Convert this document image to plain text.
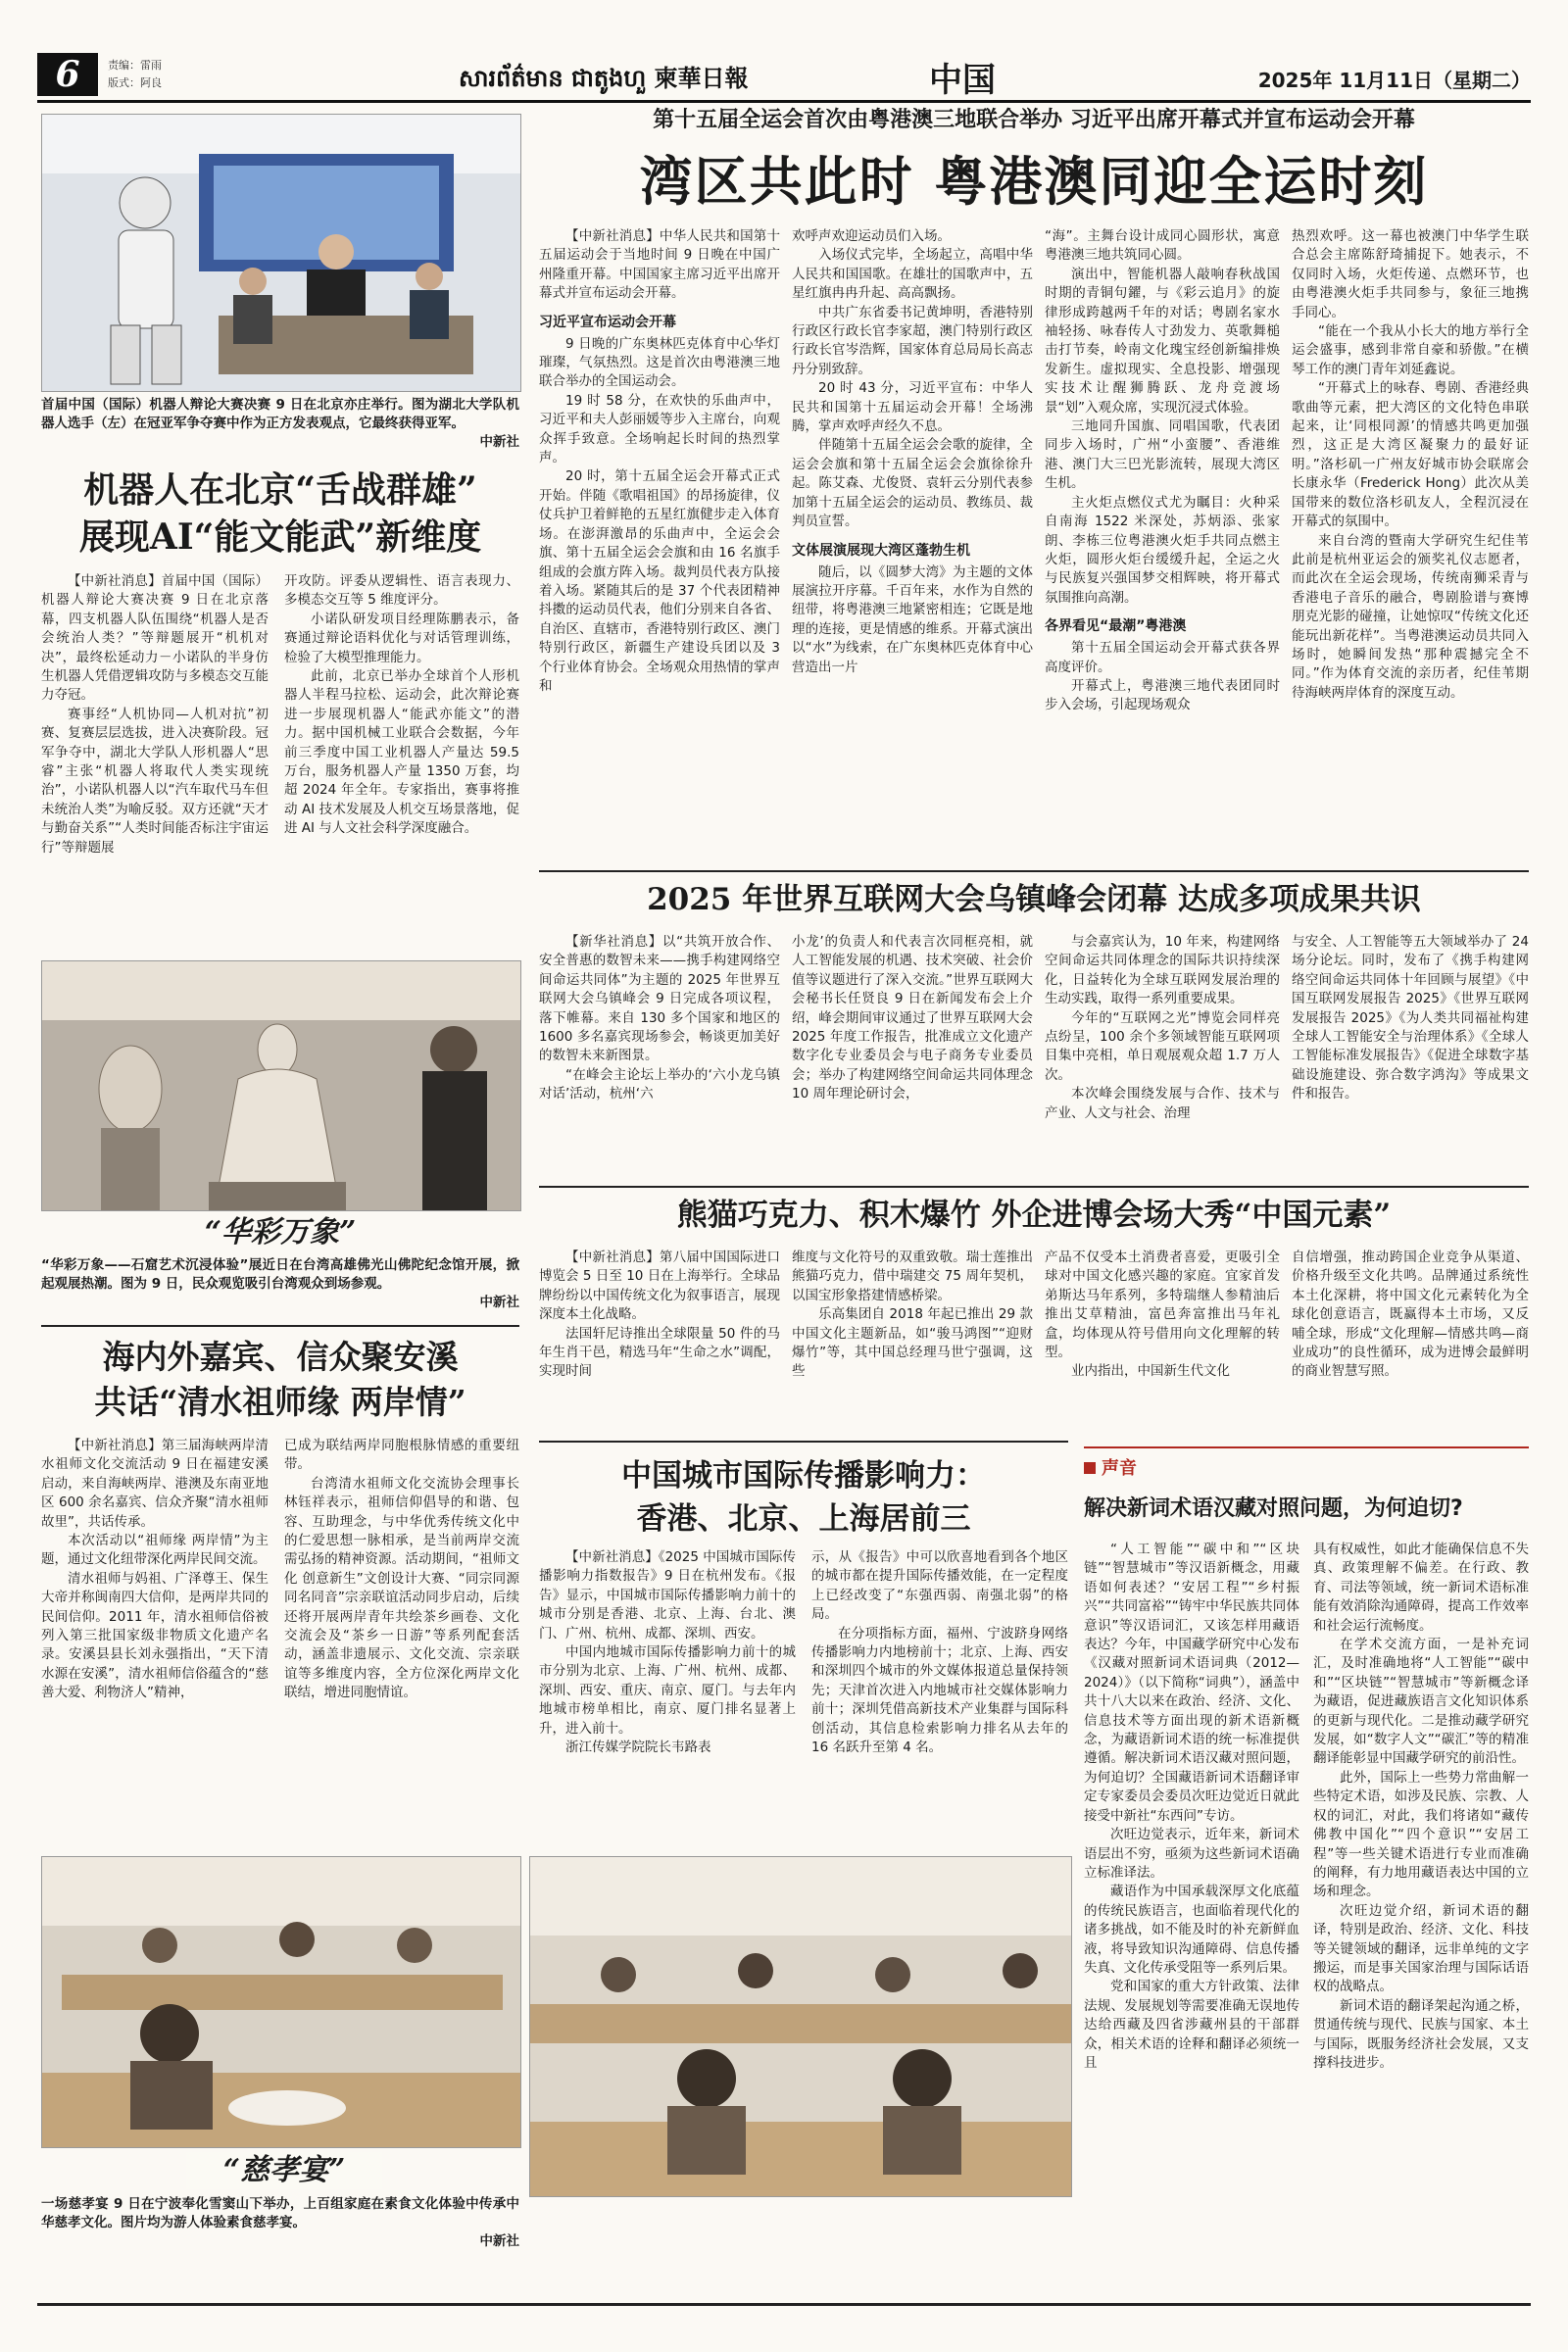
6	责编：雷雨
版式：阿良	សារព័ត៌មាន ជាតូងហួ 柬華日報	中国	2025年 11月11日（星期二）
首届中国（国际）机器人辩论大赛决赛 9 日在北京亦庄举行。图为湖北大学队机器人选手（左）在冠亚军争夺赛中作为正方发表观点，它最终获得亚军。
中新社
机器人在北京“舌战群雄”
展现AI“能文能武”新维度

【中新社消息】首届中国（国际）机器人辩论大赛决赛 9 日在北京落幕，四支机器人队伍围绕“机器人是否会统治人类？”等辩题展开“机机对决”，最终松延动力－小诺队的半身仿生机器人凭借逻辑攻防与多模态交互能力夺冠。

赛事经“人机协同—人机对抗”初赛、复赛层层选拔，进入决赛阶段。冠军争夺中，湖北大学队人形机器人“思睿”主张“机器人将取代人类实现统治”，小诺队机器人以“汽车取代马车但未统治人类”为喻反驳。双方还就“天才与勤奋关系”“人类时间能否标注宇宙运行”等辩题展

开攻防。评委从逻辑性、语言表现力、多模态交互等 5 维度评分。

小诺队研发项目经理陈鹏表示，备赛通过辩论语料优化与对话管理训练，检验了大模型推理能力。

此前，北京已举办全球首个人形机器人半程马拉松、运动会，此次辩论赛进一步展现机器人“能武亦能文”的潜力。据中国机械工业联合会数据，今年前三季度中国工业机器人产量达 59.5 万台，服务机器人产量 1350 万套，均超 2024 年全年。专家指出，赛事将推动 AI 技术发展及人机交互场景落地，促进 AI 与人文社会科学深度融合。

“华彩万象”
“华彩万象——石窟艺术沉浸体验”展近日在台湾高雄佛光山佛陀纪念馆开展，掀起观展热潮。图为 9 日，民众观览吸引台湾观众到场参观。
中新社
海内外嘉宾、信众聚安溪
共话“清水祖师缘 两岸情”

【中新社消息】第三届海峡两岸清水祖师文化交流活动 9 日在福建安溪启动，来自海峡两岸、港澳及东南亚地区 600 余名嘉宾、信众齐聚“清水祖师故里”，共话传承。

本次活动以“祖师缘 两岸情”为主题，通过文化纽带深化两岸民间交流。

清水祖师与妈祖、广泽尊王、保生大帝并称闽南四大信仰，是两岸共同的民间信仰。2011 年，清水祖师信俗被列入第三批国家级非物质文化遗产名录。安溪县县长刘永强指出，“天下清水源在安溪”，清水祖师信俗蕴含的“慈善大爱、利物济人”精神，

已成为联结两岸同胞根脉情感的重要纽带。

台湾清水祖师文化交流协会理事长林钰祥表示，祖师信仰倡导的和谐、包容、互助理念，与中华优秀传统文化中的仁爱思想一脉相承，是当前两岸交流需弘扬的精神资源。活动期间，“祖师文化 创意新生”文创设计大赛、“同宗同源 同名同音”宗亲联谊活动同步启动，后续还将开展两岸青年共绘茶乡画卷、文化交流会及“茶乡一日游”等系列配套活动，涵盖非遗展示、文化交流、宗亲联谊等多维度内容，全方位深化两岸文化联结，增进同胞情谊。

第十五届全运会首次由粤港澳三地联合举办 习近平出席开幕式并宣布运动会开幕
湾区共此时 粤港澳同迎全运时刻

【中新社消息】中华人民共和国第十五届运动会于当地时间 9 日晚在中国广州隆重开幕。中国国家主席习近平出席开幕式并宣布运动会开幕。

习近平宣布运动会开幕

9 日晚的广东奥林匹克体育中心华灯璀璨，气氛热烈。这是首次由粤港澳三地联合举办的全国运动会。

19 时 58 分，在欢快的乐曲声中，习近平和夫人彭丽媛等步入主席台，向观众挥手致意。全场响起长时间的热烈掌声。

20 时，第十五届全运会开幕式正式开始。伴随《歌唱祖国》的昂扬旋律，仪仗兵护卫着鲜艳的五星红旗健步走入体育场。在澎湃激昂的乐曲声中，全运会会旗、第十五届全运会会旗和由 16 名旗手组成的会旗方阵入场。裁判员代表方队接着入场。紧随其后的是 37 个代表团精神抖擞的运动员代表，他们分别来自各省、自治区、直辖市，香港特别行政区、澳门特别行政区，新疆生产建设兵团以及 3 个行业体育协会。全场观众用热情的掌声和

欢呼声欢迎运动员们入场。

入场仪式完毕，全场起立，高唱中华人民共和国国歌。在雄壮的国歌声中，五星红旗冉冉升起、高高飘扬。

中共广东省委书记黄坤明，香港特别行政区行政长官李家超，澳门特别行政区行政长官岑浩辉，国家体育总局局长高志丹分别致辞。

20 时 43 分，习近平宣布：中华人民共和国第十五届运动会开幕！全场沸腾，掌声欢呼声经久不息。

伴随第十五届全运会会歌的旋律，全运会会旗和第十五届全运会会旗徐徐升起。陈艾森、尤俊贤、袁轩云分别代表参加第十五届全运会的运动员、教练员、裁判员宣誓。

文体展演展现大湾区蓬勃生机

随后，以《圆梦大湾》为主题的文体展演拉开序幕。千百年来，水作为自然的纽带，将粤港澳三地紧密相连；它既是地理的连接，更是情感的维系。开幕式演出以“水”为线索，在广东奥林匹克体育中心营造出一片

“海”。主舞台设计成同心圆形状，寓意粤港澳三地共筑同心圆。

演出中，智能机器人敲响春秋战国时期的青铜句鑃，与《彩云追月》的旋律形成跨越两千年的对话；粤剧名家水袖轻扬、咏春传人寸劲发力、英歌舞槌击打节奏，岭南文化瑰宝经创新编排焕发新生。虚拟现实、全息投影、增强现实技术让醒狮腾跃、龙舟竞渡场景“划”入观众席，实现沉浸式体验。

三地同升国旗、同唱国歌，代表团同步入场时，广州“小蛮腰”、香港维港、澳门大三巴光影流转，展现大湾区生机。

主火炬点燃仪式尤为瞩目：火种采自南海 1522 米深处，苏炳添、张家朗、李栋三位粤港澳火炬手共同点燃主火炬，圆形火炬台缓缓升起，全运之火与民族复兴强国梦交相辉映，将开幕式氛围推向高潮。

各界看见“最潮”粤港澳

第十五届全国运动会开幕式获各界高度评价。

开幕式上，粤港澳三地代表团同时步入会场，引起现场观众

热烈欢呼。这一幕也被澳门中华学生联合总会主席陈舒琦捕捉下。她表示，不仅同时入场，火炬传递、点燃环节，也由粤港澳火炬手共同参与，象征三地携手同心。

“能在一个我从小长大的地方举行全运会盛事，感到非常自豪和骄傲。”在横琴工作的澳门青年刘延鑫说。

“开幕式上的咏春、粤剧、香港经典歌曲等元素，把大湾区的文化特色串联起来，让‘同根同源’的情感共鸣更加强烈，这正是大湾区凝聚力的最好证明。”洛杉矶一广州友好城市协会联席会长康永华（Frederick Hong）此次从美国带来的数位洛杉矶友人，全程沉浸在开幕式的氛围中。

来自台湾的暨南大学研究生纪佳苇此前是杭州亚运会的颁奖礼仪志愿者，而此次在全运会现场，传统南狮采青与香港电子音乐的融合，粤剧脸谱与赛博朋克光影的碰撞，让她惊叹“传统文化还能玩出新花样”。当粤港澳运动员共同入场时，她瞬间发热“那种震撼完全不同。”作为体育交流的亲历者，纪佳苇期待海峡两岸体育的深度互动。

2025 年世界互联网大会乌镇峰会闭幕 达成多项成果共识

【新华社消息】以“共筑开放合作、安全普惠的数智未来——携手构建网络空间命运共同体”为主题的 2025 年世界互联网大会乌镇峰会 9 日完成各项议程，落下帷幕。来自 130 多个国家和地区的 1600 多名嘉宾现场参会，畅谈更加美好的数智未来新图景。

“在峰会主论坛上举办的‘六小龙乌镇对话’活动，杭州‘六

小龙’的负责人和代表言次同框亮相，就人工智能发展的机遇、技术突破、社会价值等议题进行了深入交流。”世界互联网大会秘书长任贤良 9 日在新闻发布会上介绍，峰会期间审议通过了世界互联网大会 2025 年度工作报告，批准成立文化遗产数字化专业委员会与电子商务专业委员会；举办了构建网络空间命运共同体理念 10 周年理论研讨会，

与会嘉宾认为，10 年来，构建网络空间命运共同体理念的国际共识持续深化，日益转化为全球互联网发展治理的生动实践，取得一系列重要成果。

今年的“互联网之光”博览会同样亮点纷呈，100 余个多领域智能互联网项目集中亮相，单日观展观众超 1.7 万人次。

本次峰会围绕发展与合作、技术与产业、人文与社会、治理

与安全、人工智能等五大领域举办了 24 场分论坛。同时，发布了《携手构建网络空间命运共同体十年回顾与展望》《中国互联网发展报告 2025》《世界互联网发展报告 2025》《为人类共同福祉构建全球人工智能安全与治理体系》《全球人工智能标准发展报告》《促进全球数字基础设施建设、弥合数字鸿沟》等成果文件和报告。

熊猫巧克力、积木爆竹 外企进博会场大秀“中国元素”

【中新社消息】第八届中国国际进口博览会 5 日至 10 日在上海举行。全球品牌纷纷以中国传统文化为叙事语言，展现深度本土化战略。

法国轩尼诗推出全球限量 50 件的马年生肖干邑，精选马年“生命之水”调配，实现时间

维度与文化符号的双重致敬。瑞士莲推出熊猫巧克力，借中瑞建交 75 周年契机，以国宝形象搭建情感桥梁。

乐高集团自 2018 年起已推出 29 款中国文化主题新品，如“骏马鸿图”“迎财爆竹”等，其中国总经理马世宁强调，这些

产品不仅受本土消费者喜爱，更吸引全球对中国文化感兴趣的家庭。宜家首发弟斯达马年系列，多特瑞继人参精油后推出艾草精油，富邑奔富推出马年礼盒，均体现从符号借用向文化理解的转型。

业内指出，中国新生代文化

自信增强，推动跨国企业竞争从渠道、价格升级至文化共鸣。品牌通过系统性本土化深耕，将中国文化元素转化为全球化创意语言，既赢得本土市场，又反哺全球，形成“文化理解—情感共鸣—商业成功”的良性循环，成为进博会最鲜明的商业智慧写照。

中国城市国际传播影响力：
香港、北京、上海居前三

【中新社消息】《2025 中国城市国际传播影响力指数报告》9 日在杭州发布。《报告》显示，中国城市国际传播影响力前十的城市分别是香港、北京、上海、台北、澳门、广州、杭州、成都、深圳、西安。

中国内地城市国际传播影响力前十的城市分别为北京、上海、广州、杭州、成都、深圳、西安、重庆、南京、厦门。与去年内地城市榜单相比，南京、厦门排名显著上升，进入前十。

浙江传媒学院院长韦路表

示，从《报告》中可以欣喜地看到各个地区的城市都在提升国际传播效能，在一定程度上已经改变了“东强西弱、南强北弱”的格局。

在分项指标方面，福州、宁波跻身网络传播影响力内地榜前十；北京、上海、西安和深圳四个城市的外文媒体报道总量保持领先；天津首次进入内地城市社交媒体影响力前十；深圳凭借高新技术产业集群与国际科创活动，其信息检索影响力排名从去年的 16 名跃升至第 4 名。

声音
解决新词术语汉藏对照问题，为何迫切?

“人工智能”“碳中和”“区块链”“智慧城市”等汉语新概念，用藏语如何表述？“安居工程”“乡村振兴”“共同富裕”“铸牢中华民族共同体意识”等汉语词汇，又该怎样用藏语表达？今年，中国藏学研究中心发布《汉藏对照新词术语词典（2012—2024）》（以下简称“词典”），涵盖中共十八大以来在政治、经济、文化、信息技术等方面出现的新术语新概念，为藏语新词术语的统一标准提供遵循。解决新词术语汉藏对照问题，为何迫切？全国藏语新词术语翻译审定专家委员会委员次旺边觉近日就此接受中新社“东西问”专访。

次旺边觉表示，近年来，新词术语层出不穷，亟须为这些新词术语确立标准译法。

藏语作为中国承载深厚文化底蕴的传统民族语言，也面临着现代化的诸多挑战，如不能及时的补充新鲜血液，将导致知识沟通障碍、信息传播失真、文化传承受阻等一系列后果。

党和国家的重大方针政策、法律法规、发展规划等需要准确无误地传达给西藏及四省涉藏州县的干部群众，相关术语的诠释和翻译必须统一且

具有权威性，如此才能确保信息不失真、政策理解不偏差。在行政、教育、司法等领域，统一新词术语标准能有效消除沟通障碍，提高工作效率和社会运行流畅度。

在学术交流方面，一是补充词汇，及时准确地将“人工智能”“碳中和”“区块链”“智慧城市”等新概念译为藏语，促进藏族语言文化知识体系的更新与现代化。二是推动藏学研究发展，如“数字人文”“碳汇”等的精准翻译能彰显中国藏学研究的前沿性。

此外，国际上一些势力常曲解一些特定术语，如涉及民族、宗教、人权的词汇，对此，我们将诸如“藏传佛教中国化”“四个意识”“安居工程”等一些关键术语进行专业而准确的阐释，有力地用藏语表达中国的立场和理念。

次旺边觉介绍，新词术语的翻译，特别是政治、经济、文化、科技等关键领域的翻译，远非单纯的文字搬运，而是事关国家治理与国际话语权的战略点。

新词术语的翻译架起沟通之桥，贯通传统与现代、民族与国家、本土与国际，既服务经济社会发展，又支撑科技进步。

“慈孝宴”
一场慈孝宴 9 日在宁波奉化雪窦山下举办，上百组家庭在素食文化体验中传承中华慈孝文化。图片均为游人体验素食慈孝宴。
中新社
